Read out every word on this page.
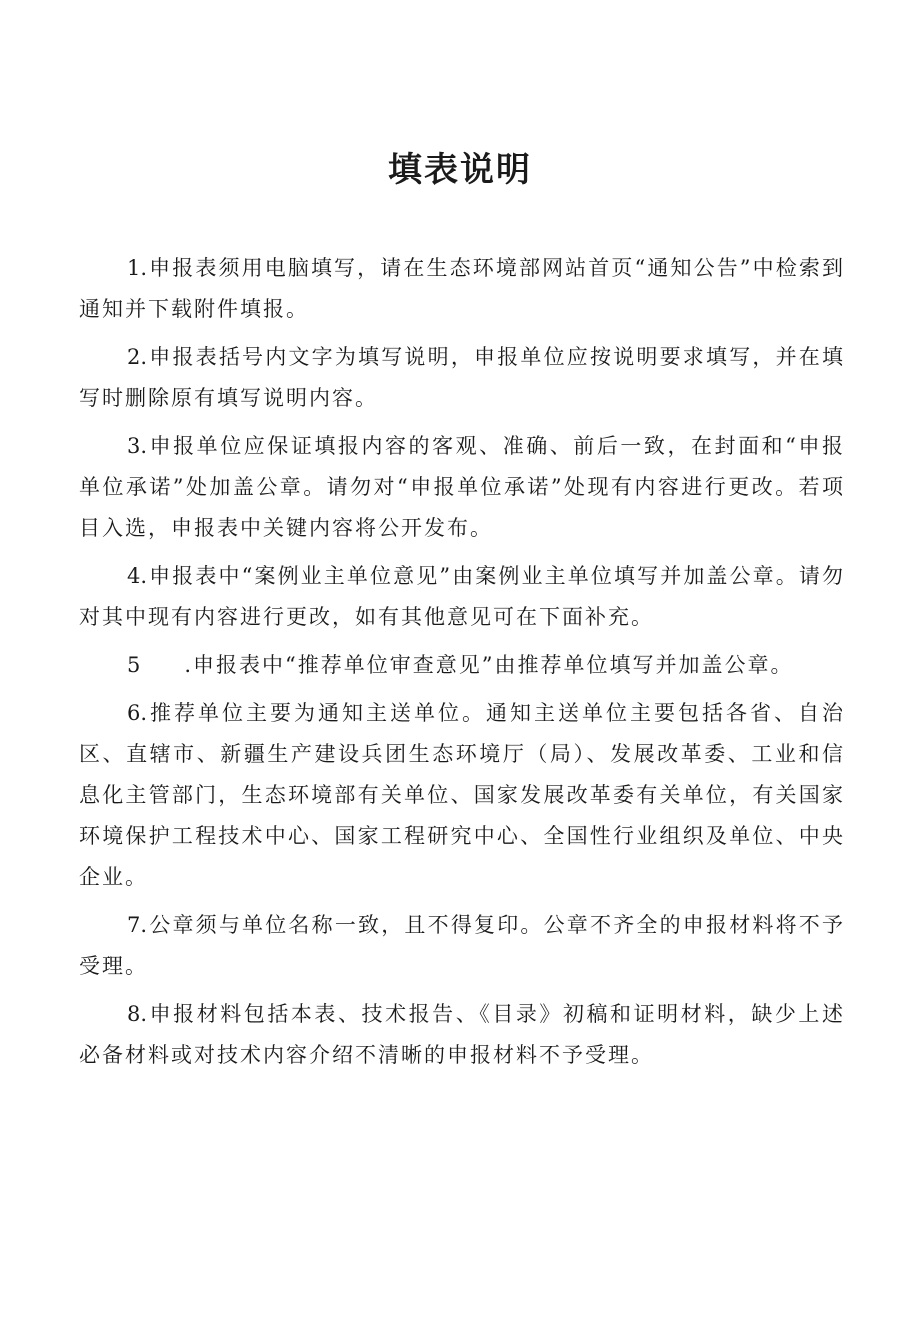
填表说明

1.申报表须用电脑填写，请在生态环境部网站首页“通知公告”中检索到通知并下载附件填报。

2.申报表括号内文字为填写说明，申报单位应按说明要求填写，并在填写时删除原有填写说明内容。

3.申报单位应保证填报内容的客观、准确、前后一致，在封面和“申报单位承诺”处加盖公章。请勿对“申报单位承诺”处现有内容进行更改。若项目入选，申报表中关键内容将公开发布。

4.申报表中“案例业主单位意见”由案例业主单位填写并加盖公章。请勿对其中现有内容进行更改，如有其他意见可在下面补充。

5 .申报表中“推荐单位审查意见”由推荐单位填写并加盖公章。

6.推荐单位主要为通知主送单位。通知主送单位主要包括各省、自治区、直辖市、新疆生产建设兵团生态环境厅（局）、发展改革委、工业和信息化主管部门，生态环境部有关单位、国家发展改革委有关单位，有关国家环境保护工程技术中心、国家工程研究中心、全国性行业组织及单位、中央企业。

7.公章须与单位名称一致，且不得复印。公章不齐全的申报材料将不予受理。

8.申报材料包括本表、技术报告、《目录》初稿和证明材料，缺少上述必备材料或对技术内容介绍不清晰的申报材料不予受理。
